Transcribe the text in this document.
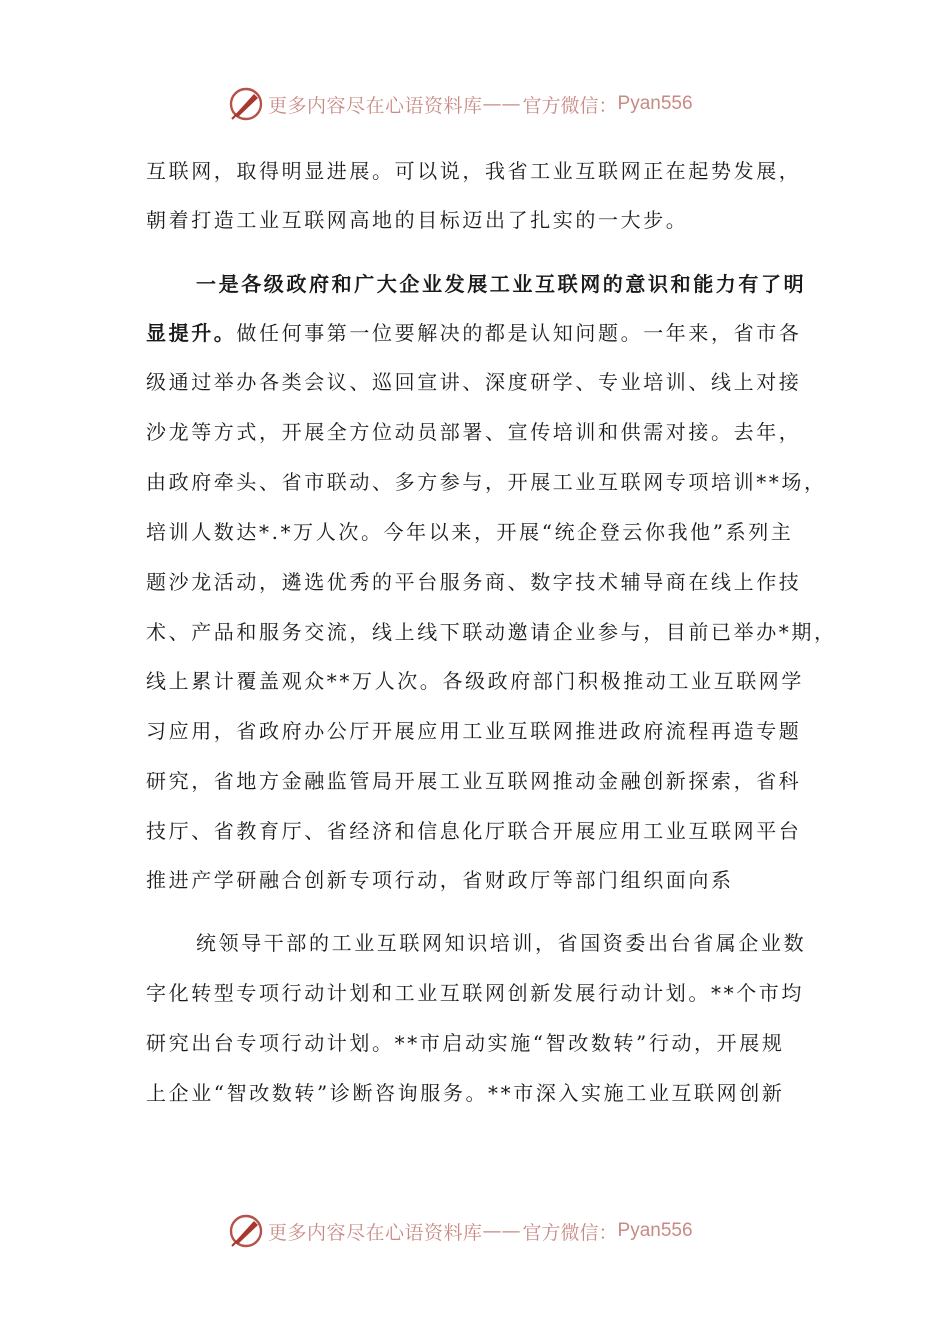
更多内容尽在心语资料库 —— 官方微信： Pyan556
互联网，取得明显进展。可以说，我省工业互联网正在起势发展，
朝着打造工业互联网高地的目标迈出了扎实的一大步。
一是各级政府和广大企业发展工业互联网的意识和能力有了明
显提升。做任何事第一位要解决的都是认知问题。一年来，省市各
级通过举办各类会议、巡回宣讲、深度研学、专业培训、线上对接
沙龙等方式，开展全方位动员部署、宣传培训和供需对接。去年，
由政府牵头、省市联动、多方参与，开展工业互联网专项培训**场，
培训人数达*.*万人次。今年以来，开展“统企登云你我他”系列主
题沙龙活动，遴选优秀的平台服务商、数字技术辅导商在线上作技
术、产品和服务交流，线上线下联动邀请企业参与，目前已举办*期，
线上累计覆盖观众**万人次。各级政府部门积极推动工业互联网学
习应用，省政府办公厅开展应用工业互联网推进政府流程再造专题
研究，省地方金融监管局开展工业互联网推动金融创新探索，省科
技厅、省教育厅、省经济和信息化厅联合开展应用工业互联网平台
推进产学研融合创新专项行动，省财政厅等部门组织面向系
统领导干部的工业互联网知识培训，省国资委出台省属企业数
字化转型专项行动计划和工业互联网创新发展行动计划。**个市均
研究出台专项行动计划。**市启动实施“智改数转”行动，开展规
上企业“智改数转”诊断咨询服务。**市深入实施工业互联网创新
更多内容尽在心语资料库 —— 官方微信： Pyan556
